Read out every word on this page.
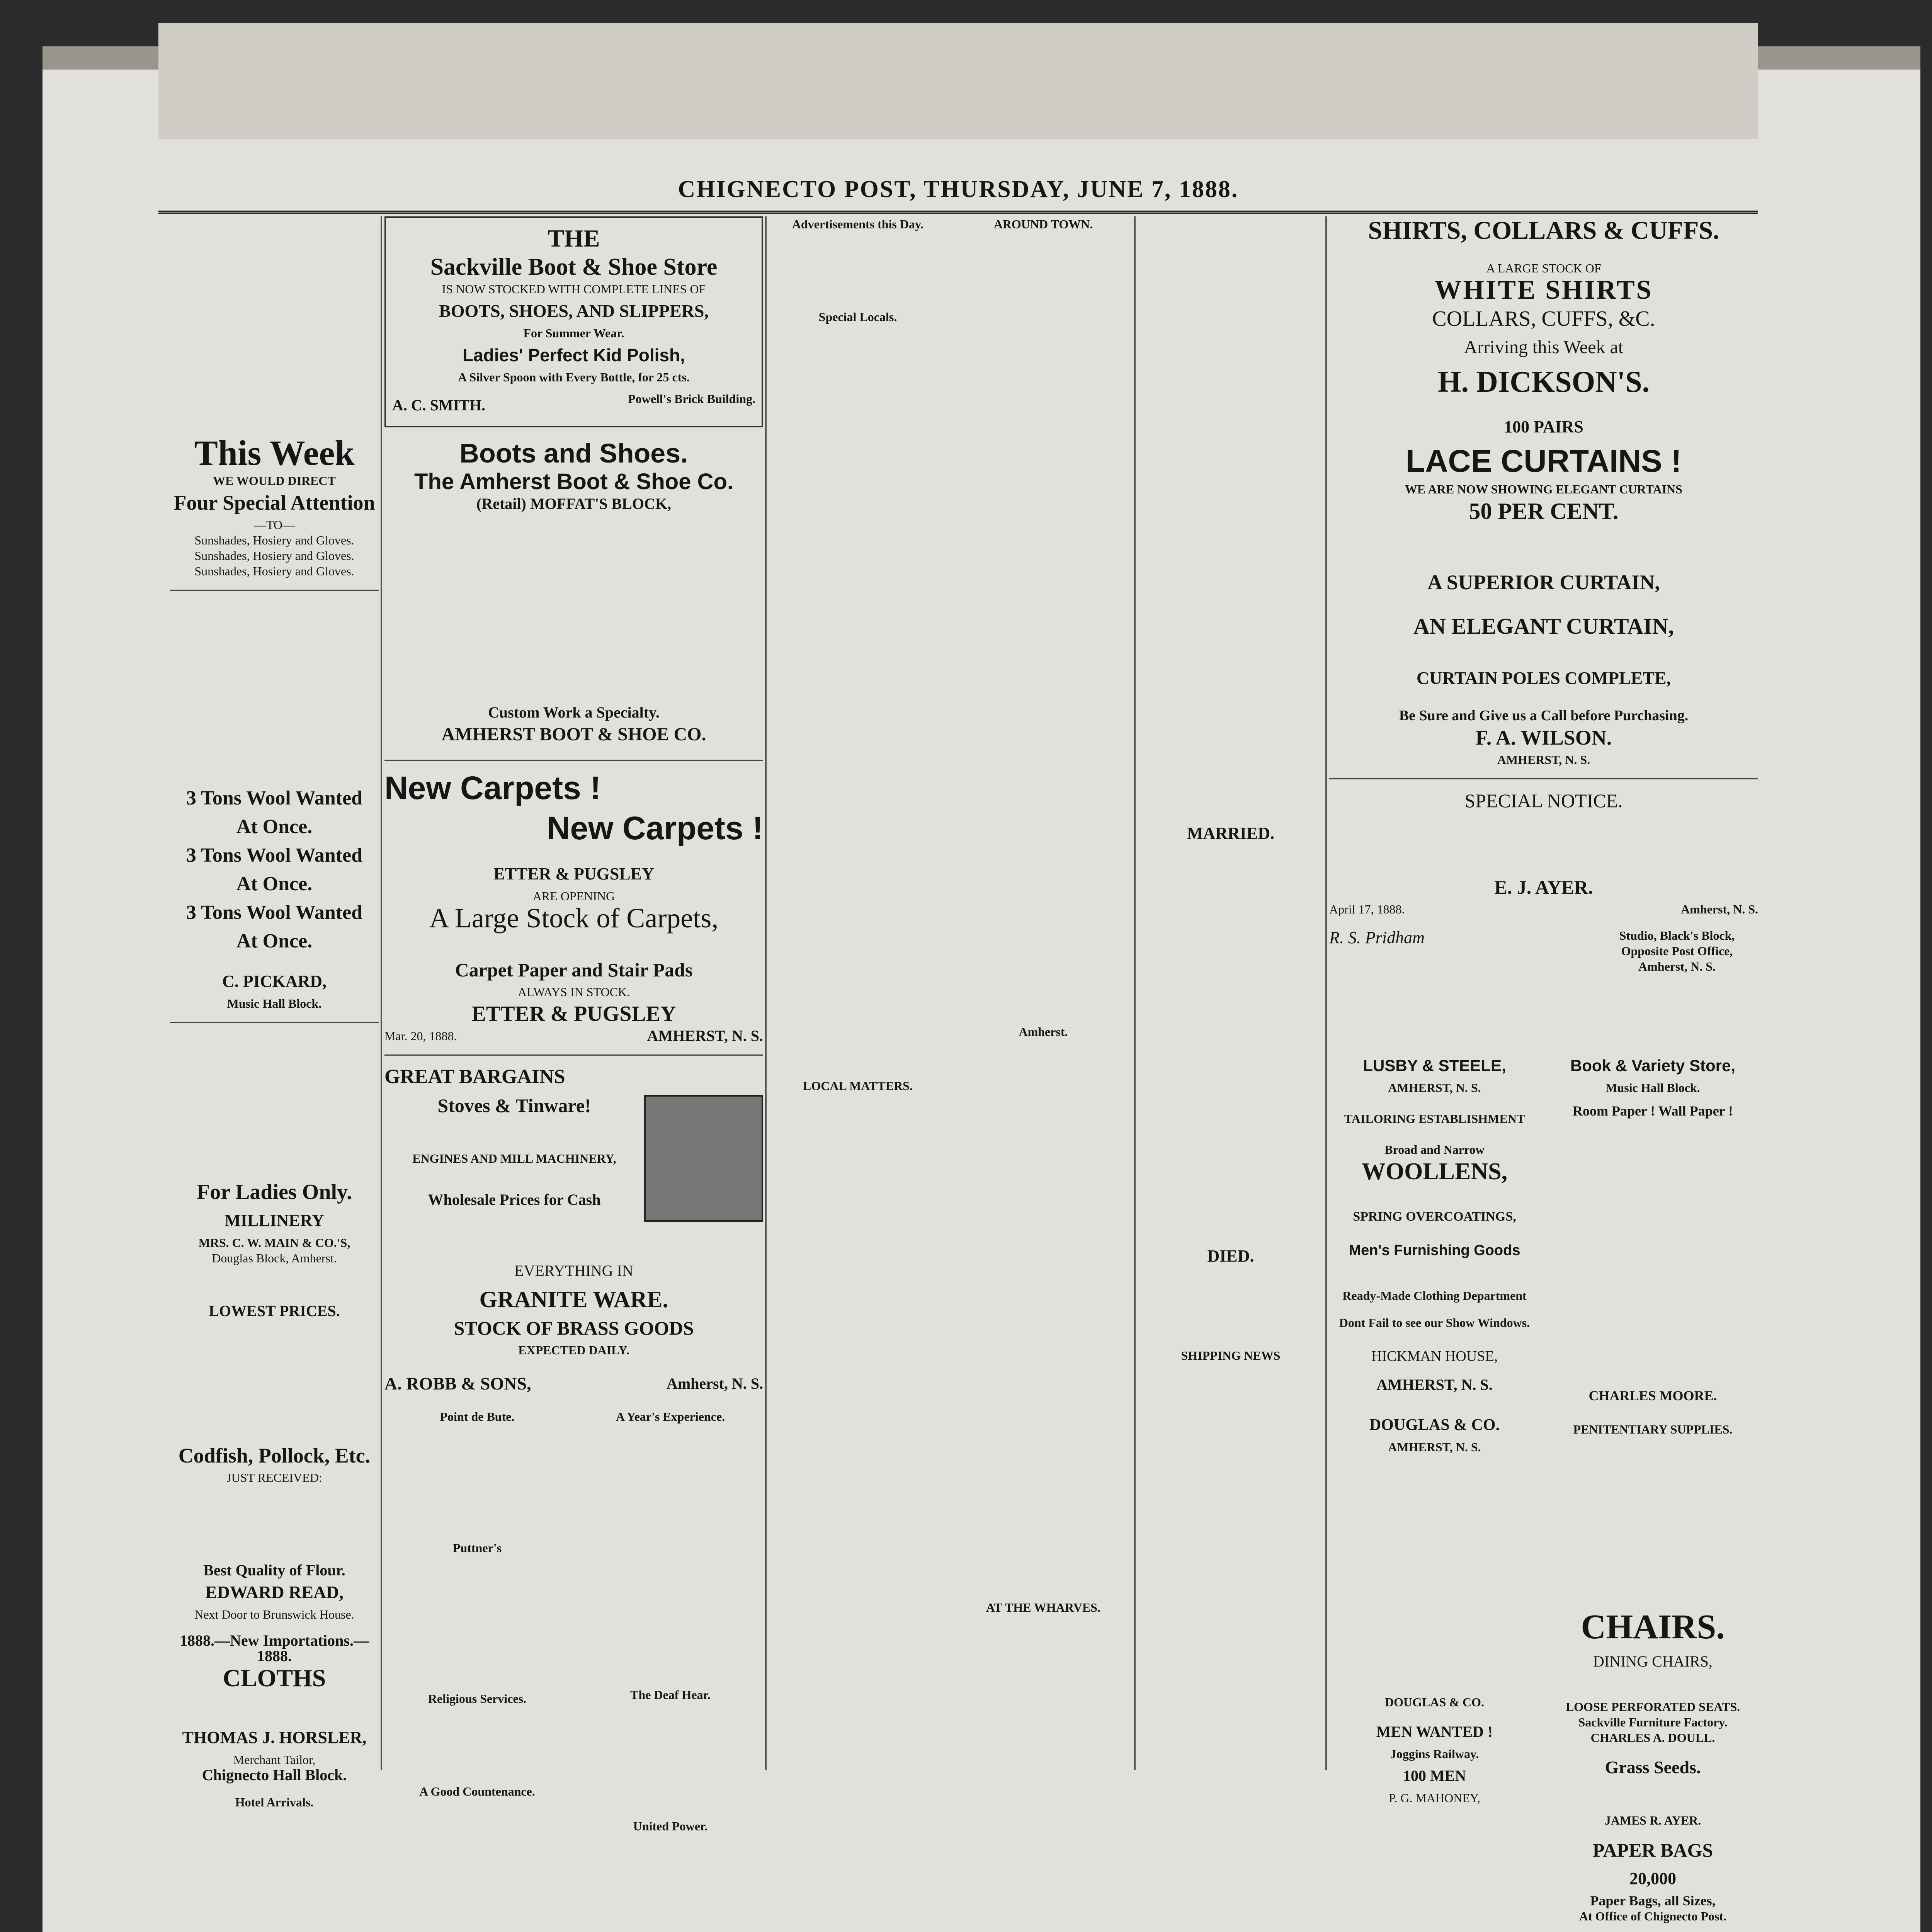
CHIGNECTO POST, THURSDAY, JUNE 7, 1888.
This Week
WE WOULD DIRECT
Four Special Attention
—TO—
Sunshades, Hosiery and Gloves.
Sunshades, Hosiery and Gloves.
Sunshades, Hosiery and Gloves.
3 Tons Wool Wanted
At Once.
3 Tons Wool Wanted
At Once.
3 Tons Wool Wanted
At Once.
C. PICKARD,
Music Hall Block.
For Ladies Only.
MILLINERY
MRS. C. W. MAIN & CO.'S,
Douglas Block, Amherst.
LOWEST PRICES.
Codfish, Pollock, Etc.
JUST RECEIVED:
Best Quality of Flour.
EDWARD READ,
Next Door to Brunswick House.
1888.—New Importations.—1888.
CLOTHS
THOMAS J. HORSLER,
Merchant Tailor,
Chignecto Hall Block.
Hotel Arrivals.
THE
Sackville Boot & Shoe Store
IS NOW STOCKED WITH COMPLETE LINES OF
BOOTS, SHOES, AND SLIPPERS,
For Summer Wear.
Ladies' Perfect Kid Polish,
A Silver Spoon with Every Bottle, for 25 cts.
A. C. SMITH.	Powell's Brick Building.
Boots and Shoes.
The Amherst Boot & Shoe Co.
(Retail) MOFFAT'S BLOCK,
Custom Work a Specialty.
AMHERST BOOT & SHOE CO.
New Carpets !
New Carpets !
ETTER & PUGSLEY
ARE OPENING
A Large Stock of Carpets,
Carpet Paper and Stair Pads
ALWAYS IN STOCK.
ETTER & PUGSLEY
Mar. 20, 1888.	AMHERST, N. S.
GREAT BARGAINS
Stoves & Tinware!
ENGINES AND MILL MACHINERY,
Wholesale Prices for Cash
EVERYTHING IN
GRANITE WARE.
STOCK OF BRASS GOODS
EXPECTED DAILY.
A. ROBB & SONS,	Amherst, N. S.
Point de Bute.
Puttner's
Religious Services.
A Good Countenance.
A Year's Experience.
The Deaf Hear.
United Power.
Advertisements this Day.
Special Locals.
LOCAL MATTERS.
AROUND TOWN.
Amherst.
AT THE WHARVES.
MARRIED.
DIED.
SHIPPING NEWS
SHIRTS, COLLARS & CUFFS.
A LARGE STOCK OF
WHITE SHIRTS
COLLARS, CUFFS, &C.
Arriving this Week at
H. DICKSON'S.
100 PAIRS
LACE CURTAINS !
WE ARE NOW SHOWING ELEGANT CURTAINS
50 PER CENT.
A SUPERIOR CURTAIN,
AN ELEGANT CURTAIN,
CURTAIN POLES COMPLETE,
Be Sure and Give us a Call before Purchasing.
F. A. WILSON.
AMHERST, N. S.
SPECIAL NOTICE.
E. J. AYER.
April 17, 1888.	Amherst, N. S.
R. S. Pridham	Studio, Black's Block, Opposite Post Office, Amherst, N. S.
LUSBY & STEELE,
AMHERST, N. S.
TAILORING ESTABLISHMENT
Broad and Narrow
WOOLLENS,
SPRING OVERCOATINGS,
Men's Furnishing Goods
Ready-Made Clothing Department
Dont Fail to see our Show Windows.
HICKMAN HOUSE,
AMHERST, N. S.
DOUGLAS & CO.
AMHERST, N. S.
DOUGLAS & CO.
MEN WANTED !
Joggins Railway.
100 MEN
P. G. MAHONEY,
Book & Variety Store,
Music Hall Block.
Room Paper ! Wall Paper !
CHARLES MOORE.
PENITENTIARY SUPPLIES.
CHAIRS.
DINING CHAIRS,
LOOSE PERFORATED SEATS.
Sackville Furniture Factory.
CHARLES A. DOULL.
Grass Seeds.
JAMES R. AYER.
PAPER BAGS
20,000
Paper Bags, all Sizes,
At Office of Chignecto Post.
